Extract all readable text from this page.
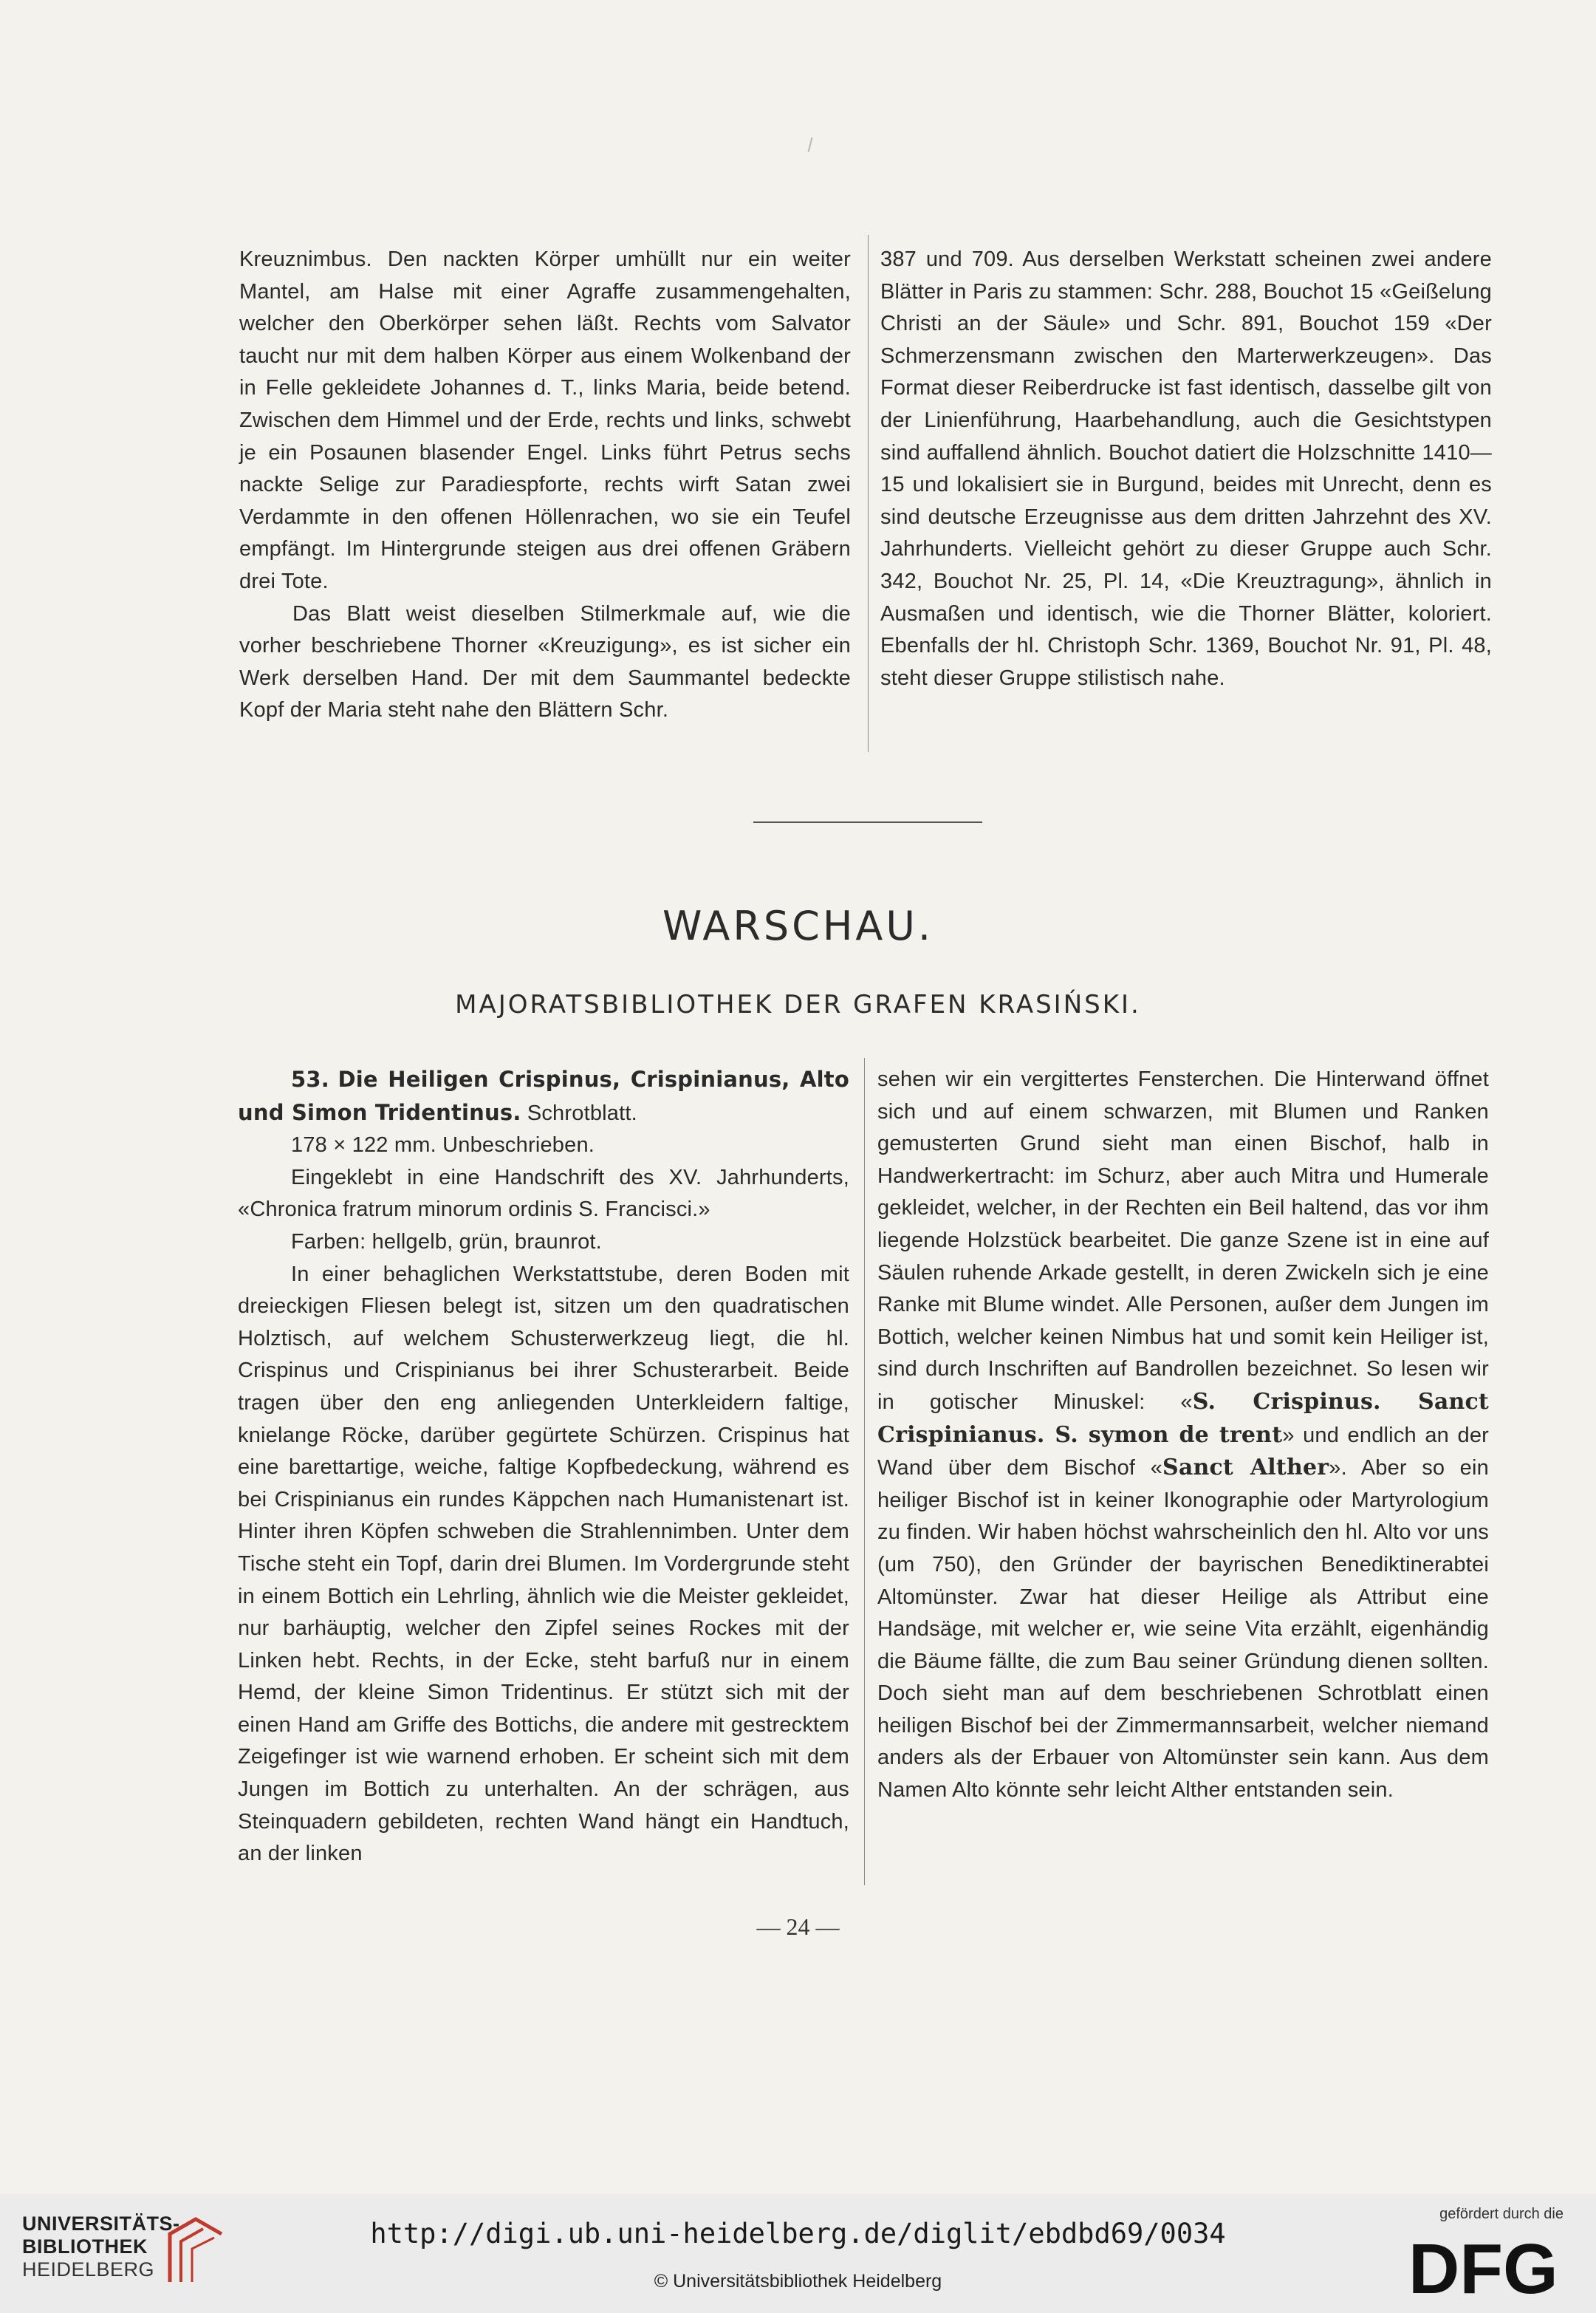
Kreuznimbus. Den nackten Körper umhüllt nur ein weiter Mantel, am Halse mit einer Agraffe zusammengehalten, welcher den Oberkörper sehen läßt. Rechts vom Salvator taucht nur mit dem halben Körper aus einem Wolkenband der in Felle gekleidete Johannes d. T., links Maria, beide betend. Zwischen dem Himmel und der Erde, rechts und links, schwebt je ein Posaunen blasender Engel. Links führt Petrus sechs nackte Selige zur Paradiespforte, rechts wirft Satan zwei Verdammte in den offenen Höllenrachen, wo sie ein Teufel empfängt. Im Hintergrunde steigen aus drei offenen Gräbern drei Tote.

Das Blatt weist dieselben Stilmerkmale auf, wie die vorher beschriebene Thorner «Kreuzigung», es ist sicher ein Werk derselben Hand. Der mit dem Saummantel bedeckte Kopf der Maria steht nahe den Blättern Schr.

387 und 709. Aus derselben Werkstatt scheinen zwei andere Blätter in Paris zu stammen: Schr. 288, Bouchot 15 «Geißelung Christi an der Säule» und Schr. 891, Bouchot 159 «Der Schmerzensmann zwischen den Marterwerkzeugen». Das Format dieser Reiberdrucke ist fast identisch, dasselbe gilt von der Linienführung, Haarbehandlung, auch die Gesichtstypen sind auffallend ähnlich. Bouchot datiert die Holzschnitte 1410—15 und lokalisiert sie in Burgund, beides mit Unrecht, denn es sind deutsche Erzeugnisse aus dem dritten Jahrzehnt des XV. Jahrhunderts. Vielleicht gehört zu dieser Gruppe auch Schr. 342, Bouchot Nr. 25, Pl. 14, «Die Kreuztragung», ähnlich in Ausmaßen und identisch, wie die Thorner Blätter, koloriert. Ebenfalls der hl. Christoph Schr. 1369, Bouchot Nr. 91, Pl. 48, steht dieser Gruppe stilistisch nahe.

WARSCHAU.
MAJORATSBIBLIOTHEK DER GRAFEN KRASIŃSKI.

53. Die Heiligen Crispinus, Crispinianus, Alto und Simon Tridentinus. Schrotblatt.

178 × 122 mm. Unbeschrieben.

Eingeklebt in eine Handschrift des XV. Jahrhunderts, «Chronica fratrum minorum ordinis S. Francisci.»

Farben: hellgelb, grün, braunrot.

In einer behaglichen Werkstattstube, deren Boden mit dreieckigen Fliesen belegt ist, sitzen um den quadratischen Holztisch, auf welchem Schusterwerkzeug liegt, die hl. Crispinus und Crispinianus bei ihrer Schusterarbeit. Beide tragen über den eng anliegenden Unterkleidern faltige, knielange Röcke, darüber gegürtete Schürzen. Crispinus hat eine barettartige, weiche, faltige Kopfbedeckung, während es bei Crispinianus ein rundes Käppchen nach Humanistenart ist. Hinter ihren Köpfen schweben die Strahlennimben. Unter dem Tische steht ein Topf, darin drei Blumen. Im Vordergrunde steht in einem Bottich ein Lehrling, ähnlich wie die Meister gekleidet, nur barhäuptig, welcher den Zipfel seines Rockes mit der Linken hebt. Rechts, in der Ecke, steht barfuß nur in einem Hemd, der kleine Simon Tridentinus. Er stützt sich mit der einen Hand am Griffe des Bottichs, die andere mit gestrecktem Zeigefinger ist wie warnend erhoben. Er scheint sich mit dem Jungen im Bottich zu unterhalten. An der schrägen, aus Steinquadern gebildeten, rechten Wand hängt ein Handtuch, an der linken

sehen wir ein vergittertes Fensterchen. Die Hinterwand öffnet sich und auf einem schwarzen, mit Blumen und Ranken gemusterten Grund sieht man einen Bischof, halb in Handwerkertracht: im Schurz, aber auch Mitra und Humerale gekleidet, welcher, in der Rechten ein Beil haltend, das vor ihm liegende Holzstück bearbeitet. Die ganze Szene ist in eine auf Säulen ruhende Arkade gestellt, in deren Zwickeln sich je eine Ranke mit Blume windet. Alle Personen, außer dem Jungen im Bottich, welcher keinen Nimbus hat und somit kein Heiliger ist, sind durch Inschriften auf Bandrollen bezeichnet. So lesen wir in gotischer Minuskel: «S. Crispinus. Sanct Crispinianus. S. symon de trent» und endlich an der Wand über dem Bischof «Sanct Alther». Aber so ein heiliger Bischof ist in keiner Ikonographie oder Martyrologium zu finden. Wir haben höchst wahrscheinlich den hl. Alto vor uns (um 750), den Gründer der bayrischen Benediktinerabtei Altomünster. Zwar hat dieser Heilige als Attribut eine Handsäge, mit welcher er, wie seine Vita erzählt, eigenhändig die Bäume fällte, die zum Bau seiner Gründung dienen sollten. Doch sieht man auf dem beschriebenen Schrotblatt einen heiligen Bischof bei der Zimmermannsarbeit, welcher niemand anders als der Erbauer von Altomünster sein kann. Aus dem Namen Alto könnte sehr leicht Alther entstanden sein.

— 24 —
UNIVERSITÄTS-
BIBLIOTHEK
HEIDELBERG
http://digi.ub.uni-heidelberg.de/diglit/ebdbd69/0034
© Universitätsbibliothek Heidelberg
gefördert durch die
DFG
